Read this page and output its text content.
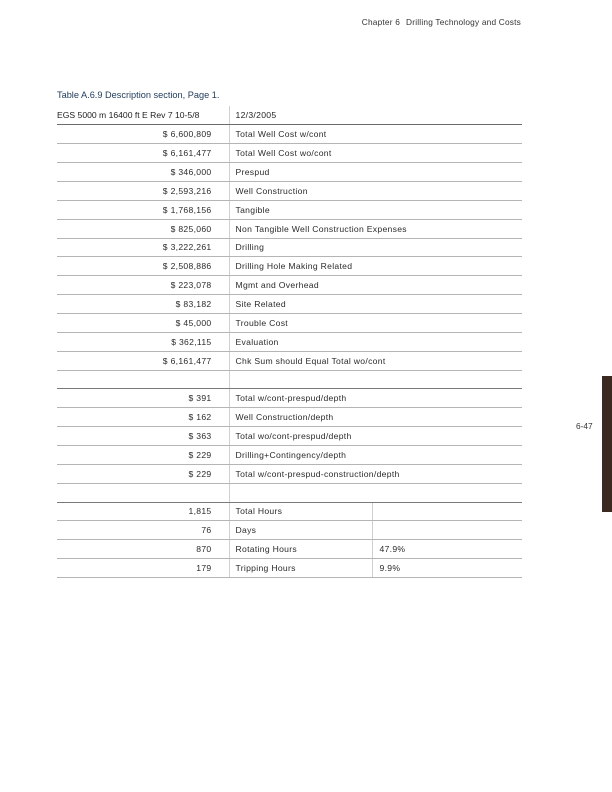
Chapter 6 Drilling Technology and Costs
Table A.6.9 Description section, Page 1.
EGS 5000 m 16400 ft E Rev 7 10-5/8	12/3/2005	
$ 6,600,809	Total Well Cost w/cont	
$ 6,161,477	Total Well Cost wo/cont	
$ 346,000	Prespud	
$ 2,593,216	Well Construction	
$ 1,768,156	Tangible	
$ 825,060	Non Tangible Well Construction Expenses	
$ 3,222,261	Drilling	
$ 2,508,886	Drilling Hole Making Related	
$ 223,078	Mgmt and Overhead	
$ 83,182	Site Related	
$ 45,000	Trouble Cost	
$ 362,115	Evaluation	
$ 6,161,477	Chk Sum should Equal Total wo/cont	

$ 391	Total w/cont-prespud/depth	
$ 162	Well Construction/depth	
$ 363	Total wo/cont-prespud/depth	
$ 229	Drilling+Contingency/depth	
$ 229	Total w/cont-prespud-construction/depth	

1,815	Total Hours	
76	Days	
870	Rotating Hours	47.9%
179	Tripping Hours	9.9%
6-47
